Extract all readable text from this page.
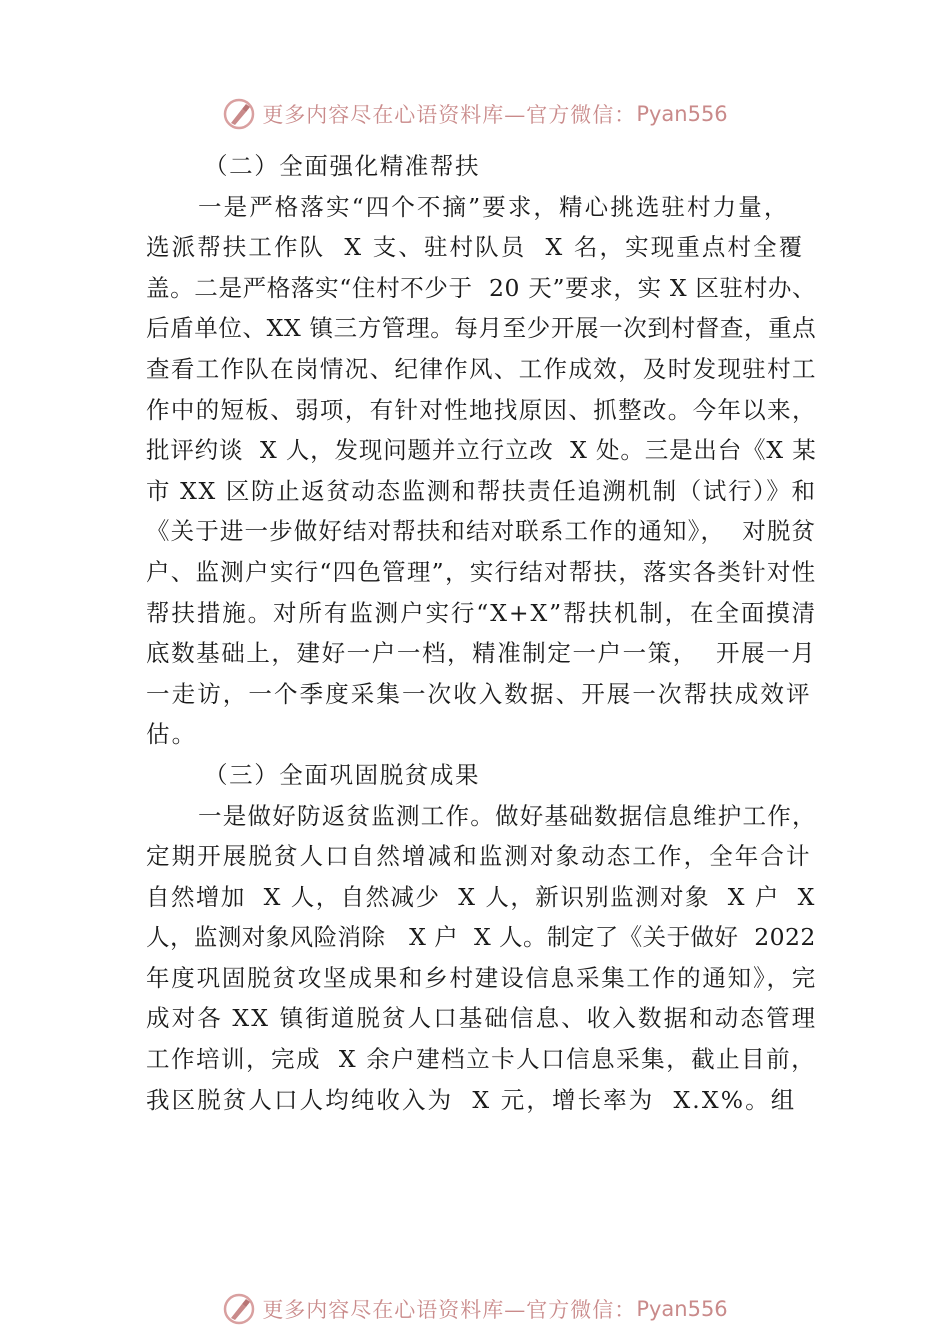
更多内容尽在心语资料库—官方微信： Pyan556
（二）全面强化精准帮扶
一是严格落实“四个不摘”要求，精心挑选驻村力量，
选派帮扶工作队  X 支、驻村队员  X 名，实现重点村全覆
盖。二是严格落实“住村不少于  20 天”要求，实 X 区驻村办、
后盾单位、XX 镇三方管理。每月至少开展一次到村督查，重点
查看工作队在岗情况、纪律作风、工作成效，及时发现驻村工
作中的短板、弱项，有针对性地找原因、抓整改。今年以来，
批评约谈  X 人，发现问题并立行立改  X 处。三是出台《X 某
市 XX 区防止返贫动态监测和帮扶责任追溯机制（试行）》和
《关于进一步做好结对帮扶和结对联系工作的通知》，  对脱贫
户、监测户实行“四色管理”，实行结对帮扶，落实各类针对性
帮扶措施。对所有监测户实行“X+X”帮扶机制，在全面摸清
底数基础上，建好一户一档，精准制定一户一策，  开展一月
一走访，一个季度采集一次收入数据、开展一次帮扶成效评
估。
（三）全面巩固脱贫成果
一是做好防返贫监测工作。做好基础数据信息维护工作，
定期开展脱贫人口自然增减和监测对象动态工作，全年合计
自然增加  X 人，自然减少  X 人，新识别监测对象  X 户  X
人，监测对象风险消除   X 户  X 人。制定了《关于做好  2022
年度巩固脱贫攻坚成果和乡村建设信息采集工作的通知》，完
成对各 XX 镇街道脱贫人口基础信息、收入数据和动态管理
工作培训，完成  X 余户建档立卡人口信息采集，截止目前，
我区脱贫人口人均纯收入为  X 元，增长率为  X.X%。组
更多内容尽在心语资料库—官方微信： Pyan556
